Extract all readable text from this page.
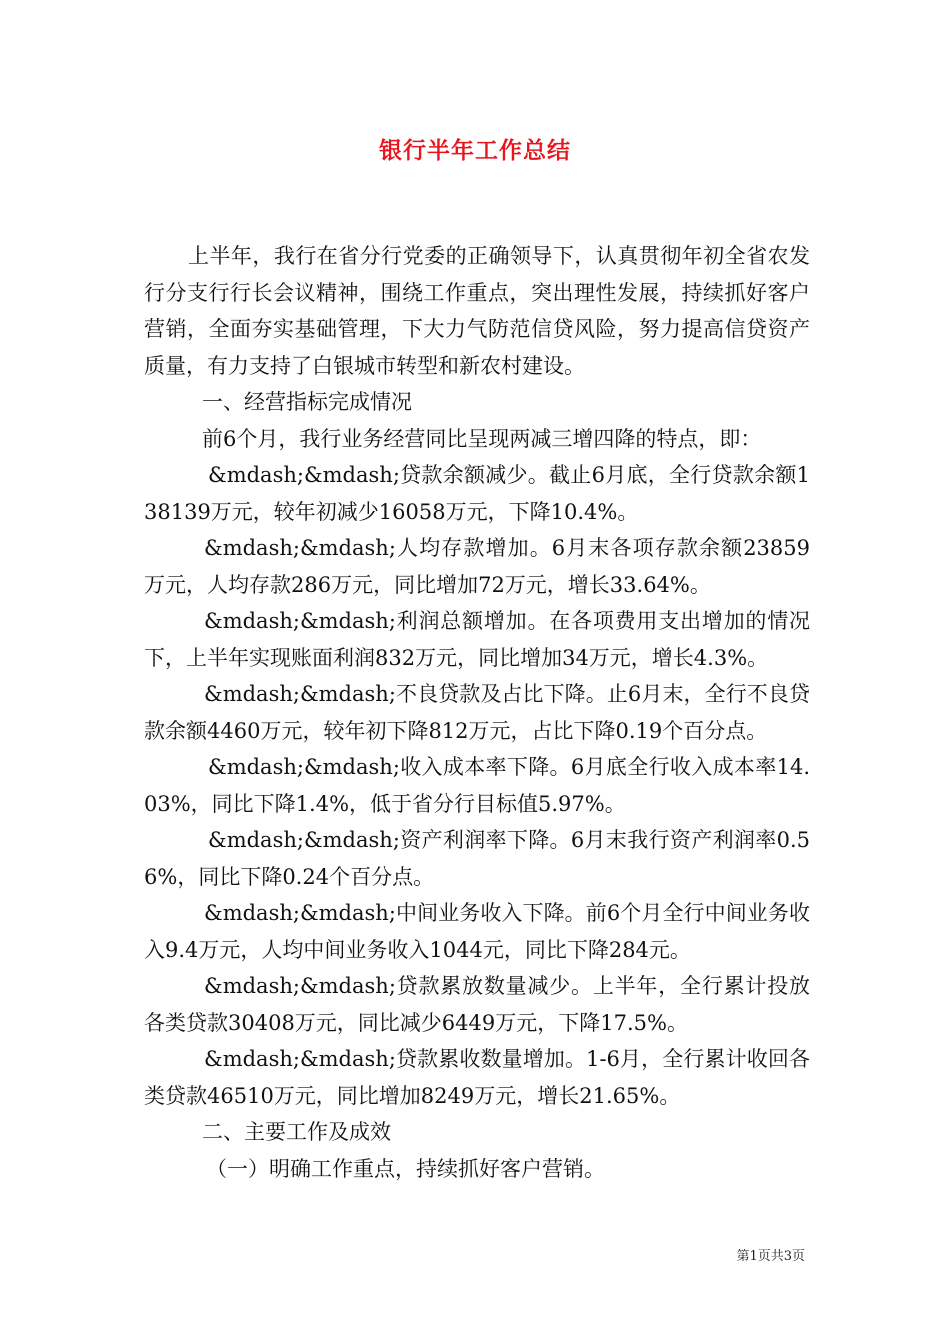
银行半年工作总结

上半年，我行在省分行党委的正确领导下，认真贯彻年初全省农发行分支行行长会议精神，围绕工作重点，突出理性发展，持续抓好客户营销，全面夯实基础管理，下大力气防范信贷风险，努力提高信贷资产质量，有力支持了白银城市转型和新农村建设。

一、经营指标完成情况

前6个月，我行业务经营同比呈现两减三增四降的特点，即：

&mdash;&mdash;贷款余额减少。截止6月底，全行贷款余额138139万元，较年初减少16058万元，下降10.4%。

&mdash;&mdash;人均存款增加。6月末各项存款余额23859万元，人均存款286万元，同比增加72万元，增长33.64%。

&mdash;&mdash;利润总额增加。在各项费用支出增加的情况下，上半年实现账面利润832万元，同比增加34万元，增长4.3%。

&mdash;&mdash;不良贷款及占比下降。止6月末，全行不良贷款余额4460万元，较年初下降812万元，占比下降0.19个百分点。

&mdash;&mdash;收入成本率下降。6月底全行收入成本率14.03%，同比下降1.4%，低于省分行目标值5.97%。

&mdash;&mdash;资产利润率下降。6月末我行资产利润率0.56%，同比下降0.24个百分点。

&mdash;&mdash;中间业务收入下降。前6个月全行中间业务收入9.4万元，人均中间业务收入1044元，同比下降284元。

&mdash;&mdash;贷款累放数量减少。上半年，全行累计投放各类贷款30408万元，同比减少6449万元，下降17.5%。

&mdash;&mdash;贷款累收数量增加。1-6月，全行累计收回各类贷款46510万元，同比增加8249万元，增长21.65%。

二、主要工作及成效

（一）明确工作重点，持续抓好客户营销。

第1页共3页
